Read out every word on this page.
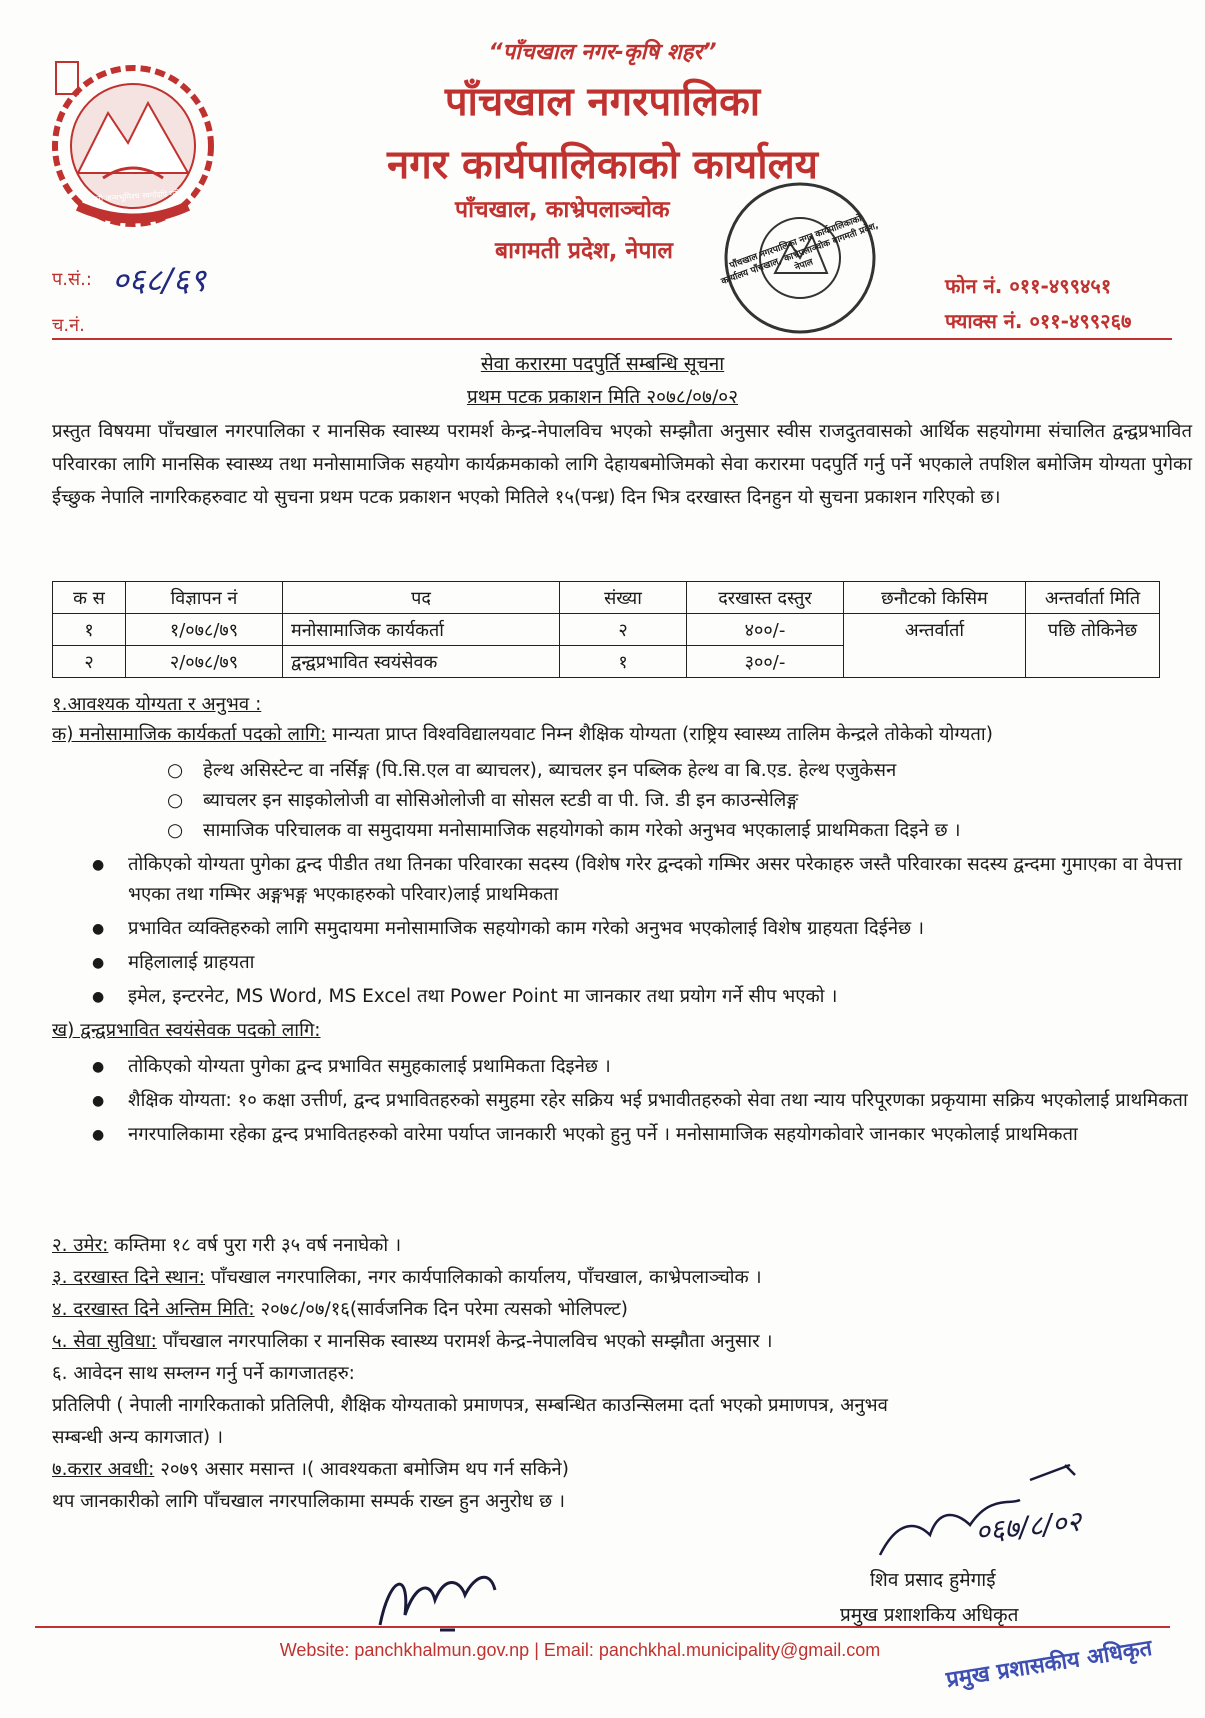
जननी जन्मभूमिश्च स्वर्गादपि गरीयसी
“पाँचखाल नगर-कृषि शहर”
पाँचखाल नगरपालिका
नगर कार्यपालिकाको कार्यालय
पाँचखाल, काभ्रेपलाञ्चोक
बागमती प्रदेश, नेपाल	पाँचखाल नगरपालिका नगर कार्यपालिकाको कार्यालय पाँचखाल, काभ्रेपलाञ्चोक बागमती प्रदेश, नेपाल
प.सं.: ०६८/६९
च.नं.
फोन नं. ०११-४९९४५१
फ्याक्स नं. ०११-४९९२६७
सेवा करारमा पदपुर्ति सम्बन्धि सूचना
प्रथम पटक प्रकाशन मिति २०७८/०७/०२
प्रस्तुत विषयमा पाँचखाल नगरपालिका र मानसिक स्वास्थ्य परामर्श केन्द्र-नेपालविच भएको सम्झौता अनुसार स्वीस राजदुतवासको आर्थिक सहयोगमा संचालित द्वन्द्वप्रभावित परिवारका लागि मानसिक स्वास्थ्य तथा मनोसामाजिक सहयोग कार्यक्रमकाको लागि देहायबमोजिमको सेवा करारमा पदपुर्ति गर्नु पर्ने भएकाले तपशिल बमोजिम योग्यता पुगेका ईच्छुक नेपालि नागरिकहरुवाट यो सुचना प्रथम पटक प्रकाशन भएको मितिले १५(पन्ध्र) दिन भित्र दरखास्त दिनहुन यो सुचना प्रकाशन गरिएको छ।
क स	विज्ञापन नं	पद	संख्या	दरखास्त दस्तुर	छनौटको किसिम	अन्तर्वार्ता मिति
१	१/०७८/७९	मनोसामाजिक कार्यकर्ता	२	४००/-	अन्तर्वार्ता	पछि तोकिनेछ
२	२/०७८/७९	द्वन्द्वप्रभावित स्वयंसेवक	१	३००/-		
१.आवश्यक योग्यता र अनुभव :
क) मनोसामाजिक कार्यकर्ता पदको लागि: मान्यता प्राप्त विश्वविद्यालयवाट निम्न शैक्षिक योग्यता (राष्ट्रिय स्वास्थ्य तालिम केन्द्रले तोकेको योग्यता)
○ हेल्थ असिस्टेन्ट वा नर्सिङ्ग (पि.सि.एल वा ब्याचलर), ब्याचलर इन पब्लिक हेल्थ वा बि.एड. हेल्थ एजुकेसन
○ ब्याचलर इन साइकोलोजी वा सोसिओलोजी वा सोसल स्टडी वा पी. जि. डी इन काउन्सेलिङ्ग
○ सामाजिक परिचालक वा समुदायमा मनोसामाजिक सहयोगको काम गरेको अनुभव भएकालाई प्राथमिकता दिइने छ ।
● तोकिएको योग्यता पुगेका द्वन्द पीडीत तथा तिनका परिवारका सदस्य (विशेष गरेर द्वन्दको गम्भिर असर परेकाहरु जस्तै परिवारका सदस्य द्वन्दमा गुमाएका वा वेपत्ता भएका तथा गम्भिर अङ्गभङ्ग भएकाहरुको परिवार)लाई प्राथमिकता
● प्रभावित व्यक्तिहरुको लागि समुदायमा मनोसामाजिक सहयोगको काम गरेको अनुभव भएकोलाई विशेष ग्राहयता दिईनेछ ।
● महिलालाई ग्राहयता
● इमेल, इन्टरनेट, MS Word, MS Excel तथा Power Point मा जानकार तथा प्रयोग गर्ने सीप भएको ।
ख) द्वन्द्वप्रभावित स्वयंसेवक पदको लागि:
● तोकिएको योग्यता पुगेका द्वन्द प्रभावित समुहकालाई प्रथामिकता दिइनेछ ।
● शैक्षिक योग्यता: १० कक्षा उत्तीर्ण, द्वन्द प्रभावितहरुको समुहमा रहेर सक्रिय भई प्रभावीतहरुको सेवा तथा न्याय परिपूरणका प्रकृयामा सक्रिय भएकोलाई प्राथमिकता
● नगरपालिकामा रहेका द्वन्द प्रभावितहरुको वारेमा पर्याप्त जानकारी भएको हुनु पर्ने । मनोसामाजिक सहयोगकोवारे जानकार भएकोलाई प्राथमिकता
२. उमेर: कम्तिमा १८ वर्ष पुरा गरी ३५ वर्ष ननाघेको ।
३. दरखास्त दिने स्थान: पाँचखाल नगरपालिका, नगर कार्यपालिकाको कार्यालय, पाँचखाल, काभ्रेपलाञ्चोक ।
४. दरखास्त दिने अन्तिम मिति: २०७८/०७/१६(सार्वजनिक दिन परेमा त्यसको भोलिपल्ट)
५. सेवा सुविधा: पाँचखाल नगरपालिका र मानसिक स्वास्थ्य परामर्श केन्द्र-नेपालविच भएको सम्झौता अनुसार ।
६. आवेदन साथ सम्लग्न गर्नु पर्ने कागजातहरु:
प्रतिलिपी ( नेपाली नागरिकताको प्रतिलिपी, शैक्षिक योग्यताको प्रमाणपत्र, सम्बन्धित काउन्सिलमा दर्ता भएको प्रमाणपत्र, अनुभव सम्बन्धी अन्य कागजात) ।
७.करार अवधी: २०७९ असार मसान्त ।( आवश्यकता बमोजिम थप गर्न सकिने)
थप जानकारीको लागि पाँचखाल नगरपालिकामा सम्पर्क राख्न हुन अनुरोध छ ।
०६७/८/०२
शिव प्रसाद हुमेगाई
प्रमुख प्रशाशकिय अधिकृत
Website: panchkhalmun.gov.np | Email: panchkhal.municipality@gmail.com	प्रमुख प्रशासकीय अधिकृत
